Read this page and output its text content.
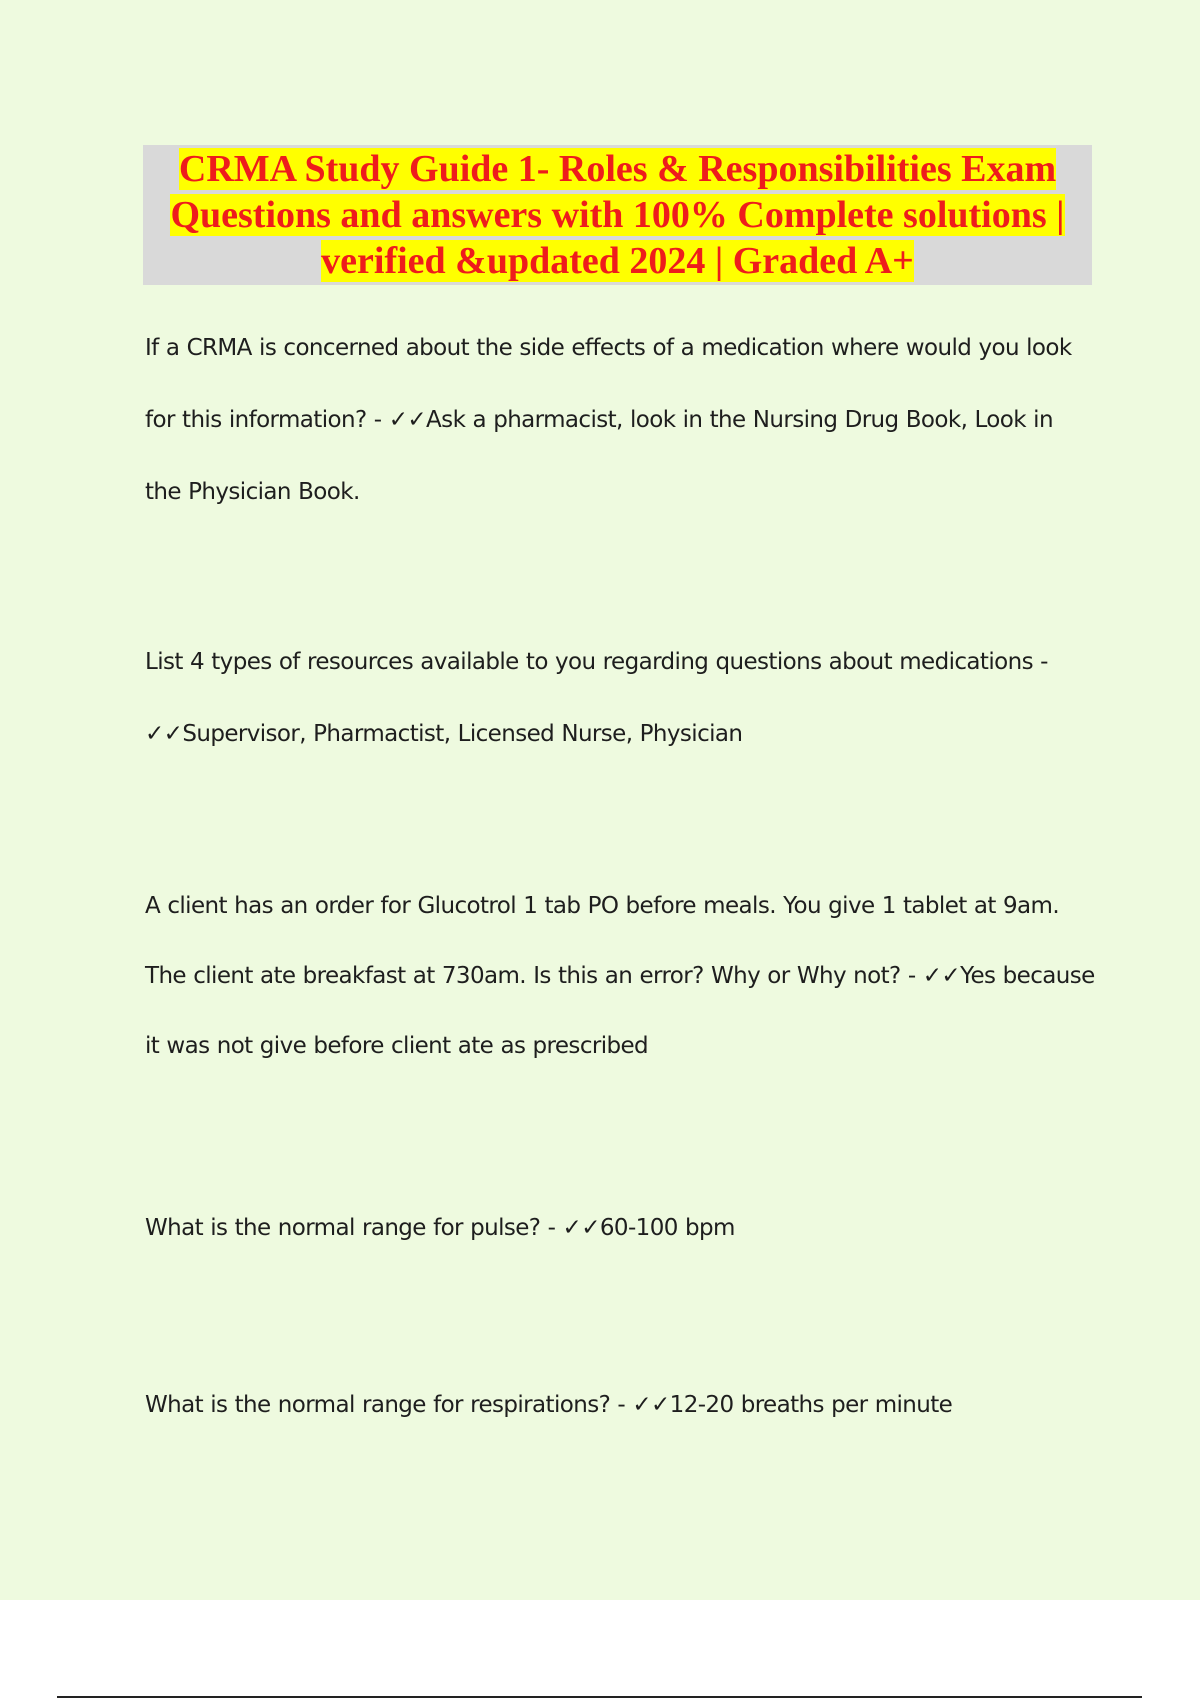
CRMA Study Guide 1- Roles & Responsibilities Exam Questions and answers with 100% Complete solutions | verified &updated 2024 | Graded A+

If a CRMA is concerned about the side effects of a medication where would you look for this information? - ✓✓Ask a pharmacist, look in the Nursing Drug Book, Look in the Physician Book.

List 4 types of resources available to you regarding questions about medications - ✓✓Supervisor, Pharmactist, Licensed Nurse, Physician

A client has an order for Glucotrol 1 tab PO before meals. You give 1 tablet at 9am. The client ate breakfast at 730am. Is this an error? Why or Why not? - ✓✓Yes because it was not give before client ate as prescribed

What is the normal range for pulse? - ✓✓60-100 bpm

What is the normal range for respirations? - ✓✓12-20 breaths per minute
